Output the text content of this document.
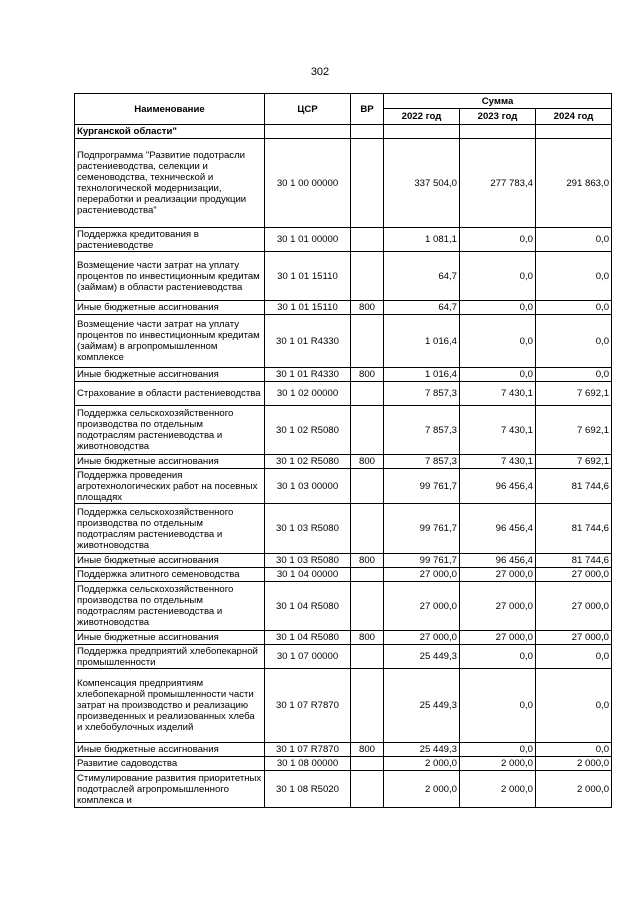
302
Наименование	ЦСР	ВР	Сумма		
			2022 год	2023 год	2024 год
Курганской области"					
Подпрограмма "Развитие подотрасли растениеводства, селекции и семеноводства, технической и технологической модернизации, переработки и реализации продукции растениеводства"	30 1 00 00000		337 504,0	277 783,4	291 863,0
Поддержка кредитования в растениеводстве	30 1 01 00000		1 081,1	0,0	0,0
Возмещение части затрат на уплату процентов по инвестиционным кредитам (займам) в области растениеводства	30 1 01 15110		64,7	0,0	0,0
Иные бюджетные ассигнования	30 1 01 15110	800	64,7	0,0	0,0
Возмещение части затрат на уплату процентов по инвестиционным кредитам (займам) в агропромышленном комплексе	30 1 01 R4330		1 016,4	0,0	0,0
Иные бюджетные ассигнования	30 1 01 R4330	800	1 016,4	0,0	0,0
Страхование в области растениеводства	30 1 02 00000		7 857,3	7 430,1	7 692,1
Поддержка сельскохозяйственного производства по отдельным подотраслям растениеводства и животноводства	30 1 02 R5080		7 857,3	7 430,1	7 692,1
Иные бюджетные ассигнования	30 1 02 R5080	800	7 857,3	7 430,1	7 692,1
Поддержка проведения агротехнологических работ на посевных площадях	30 1 03 00000		99 761,7	96 456,4	81 744,6
Поддержка сельскохозяйственного производства по отдельным подотраслям растениеводства и животноводства	30 1 03 R5080		99 761,7	96 456,4	81 744,6
Иные бюджетные ассигнования	30 1 03 R5080	800	99 761,7	96 456,4	81 744,6
Поддержка элитного семеноводства	30 1 04 00000		27 000,0	27 000,0	27 000,0
Поддержка сельскохозяйственного производства по отдельным подотраслям растениеводства и животноводства	30 1 04 R5080		27 000,0	27 000,0	27 000,0
Иные бюджетные ассигнования	30 1 04 R5080	800	27 000,0	27 000,0	27 000,0
Поддержка предприятий хлебопекарной промышленности	30 1 07 00000		25 449,3	0,0	0,0
Компенсация предприятиям хлебопекарной промышленности части затрат на производство и реализацию произведенных и реализованных хлеба и хлебобулочных изделий	30 1 07 R7870		25 449,3	0,0	0,0
Иные бюджетные ассигнования	30 1 07 R7870	800	25 449,3	0,0	0,0
Развитие садоводства	30 1 08 00000		2 000,0	2 000,0	2 000,0
Стимулирование развития приоритетных подотраслей агропромышленного комплекса и	30 1 08 R5020		2 000,0	2 000,0	2 000,0
